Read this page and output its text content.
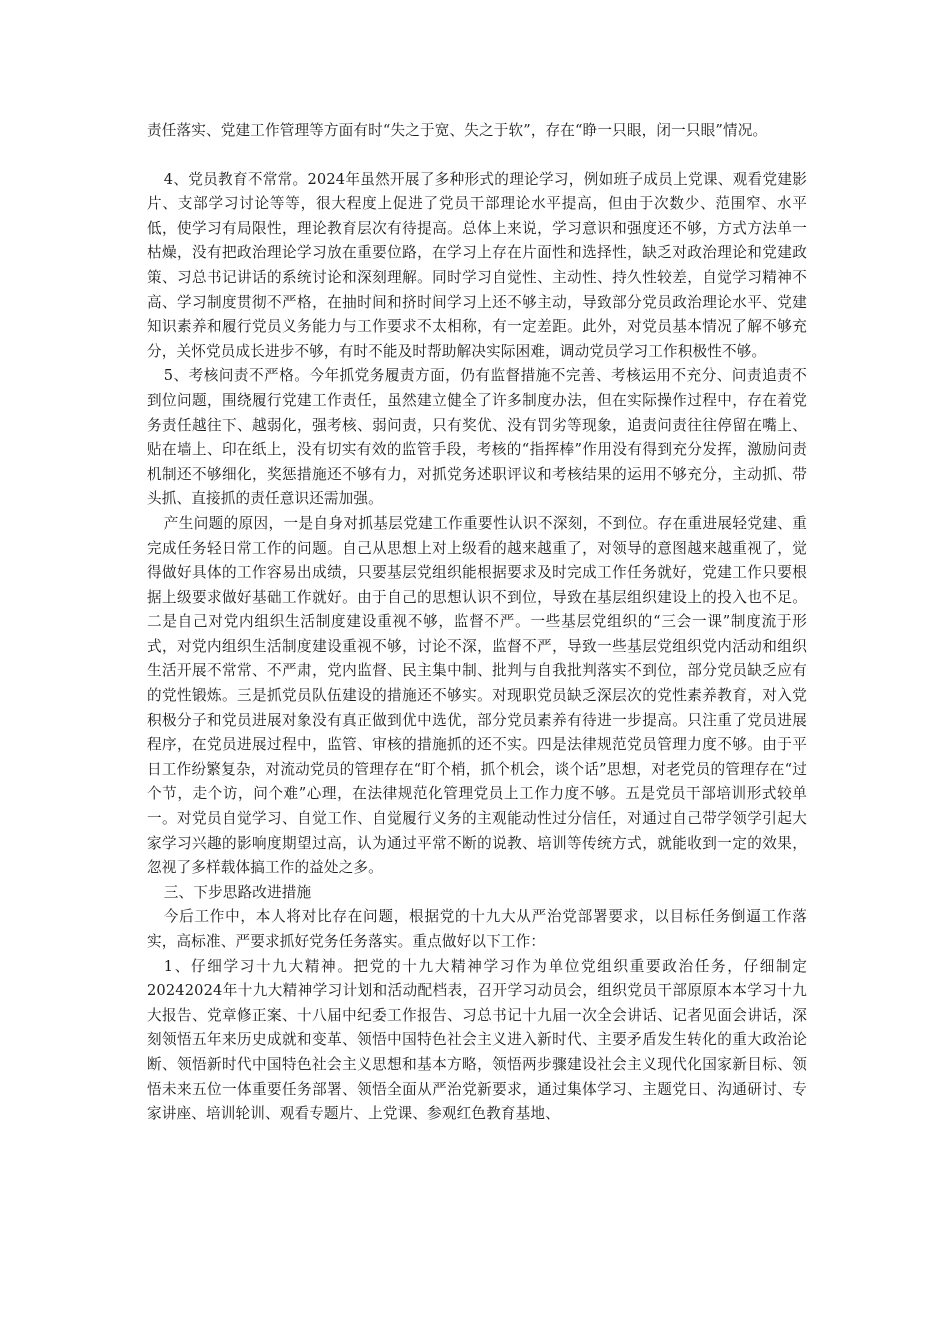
责任落实、党建工作管理等方面有时“失之于宽、失之于软”，存在“睁一只眼，闭一只眼”情况。

4、党员教育不常常。2024年虽然开展了多种形式的理论学习，例如班子成员上党课、观看党建影片、支部学习讨论等等，很大程度上促进了党员干部理论水平提高，但由于次数少、范围窄、水平低，使学习有局限性，理论教育层次有待提高。总体上来说，学习意识和强度还不够，方式方法单一枯燥，没有把政治理论学习放在重要位路，在学习上存在片面性和选择性，缺乏对政治理论和党建政策、习总书记讲话的系统讨论和深刻理解。同时学习自觉性、主动性、持久性较差，自觉学习精神不高、学习制度贯彻不严格，在抽时间和挤时间学习上还不够主动，导致部分党员政治理论水平、党建知识素养和履行党员义务能力与工作要求不太相称，有一定差距。此外，对党员基本情况了解不够充分，关怀党员成长进步不够，有时不能及时帮助解决实际困难，调动党员学习工作积极性不够。

5、考核问责不严格。今年抓党务履责方面，仍有监督措施不完善、考核运用不充分、问责追责不到位问题，围绕履行党建工作责任，虽然建立健全了许多制度办法，但在实际操作过程中，存在着党务责任越往下、越弱化，强考核、弱问责，只有奖优、没有罚劣等现象，追责问责往往停留在嘴上、贴在墙上、印在纸上，没有切实有效的监管手段，考核的“指挥棒”作用没有得到充分发挥，激励问责机制还不够细化，奖惩措施还不够有力，对抓党务述职评议和考核结果的运用不够充分，主动抓、带头抓、直接抓的责任意识还需加强。

产生问题的原因，一是自身对抓基层党建工作重要性认识不深刻，不到位。存在重进展轻党建、重完成任务轻日常工作的问题。自己从思想上对上级看的越来越重了，对领导的意图越来越重视了，觉得做好具体的工作容易出成绩，只要基层党组织能根据要求及时完成工作任务就好，党建工作只要根据上级要求做好基础工作就好。由于自己的思想认识不到位，导致在基层组织建设上的投入也不足。二是自己对党内组织生活制度建设重视不够，监督不严。一些基层党组织的“三会一课”制度流于形式，对党内组织生活制度建设重视不够，讨论不深，监督不严，导致一些基层党组织党内活动和组织生活开展不常常、不严肃，党内监督、民主集中制、批判与自我批判落实不到位，部分党员缺乏应有的党性锻炼。三是抓党员队伍建设的措施还不够实。对现职党员缺乏深层次的党性素养教育，对入党积极分子和党员进展对象没有真正做到优中选优，部分党员素养有待进一步提高。只注重了党员进展程序，在党员进展过程中，监管、审核的措施抓的还不实。四是法律规范党员管理力度不够。由于平日工作纷繁复杂，对流动党员的管理存在“盯个梢，抓个机会，谈个话”思想，对老党员的管理存在“过个节，走个访，问个难”心理，在法律规范化管理党员上工作力度不够。五是党员干部培训形式较单一。对党员自觉学习、自觉工作、自觉履行义务的主观能动性过分信任，对通过自己带学领学引起大家学习兴趣的影响度期望过高，认为通过平常不断的说教、培训等传统方式，就能收到一定的效果，忽视了多样载体搞工作的益处之多。

三、下步思路改进措施

今后工作中，本人将对比存在问题，根据党的十九大从严治党部署要求，以目标任务倒逼工作落实，高标准、严要求抓好党务任务落实。重点做好以下工作：

1、仔细学习十九大精神。把党的十九大精神学习作为单位党组织重要政治任务，仔细制定20242024年十九大精神学习计划和活动配档表，召开学习动员会，组织党员干部原原本本学习十九大报告、党章修正案、十八届中纪委工作报告、习总书记十九届一次全会讲话、记者见面会讲话，深刻领悟五年来历史成就和变革、领悟中国特色社会主义进入新时代、主要矛盾发生转化的重大政治论断、领悟新时代中国特色社会主义思想和基本方略，领悟两步骤建设社会主义现代化国家新目标、领悟未来五位一体重要任务部署、领悟全面从严治党新要求，通过集体学习、主题党日、沟通研讨、专家讲座、培训轮训、观看专题片、上党课、参观红色教育基地、
